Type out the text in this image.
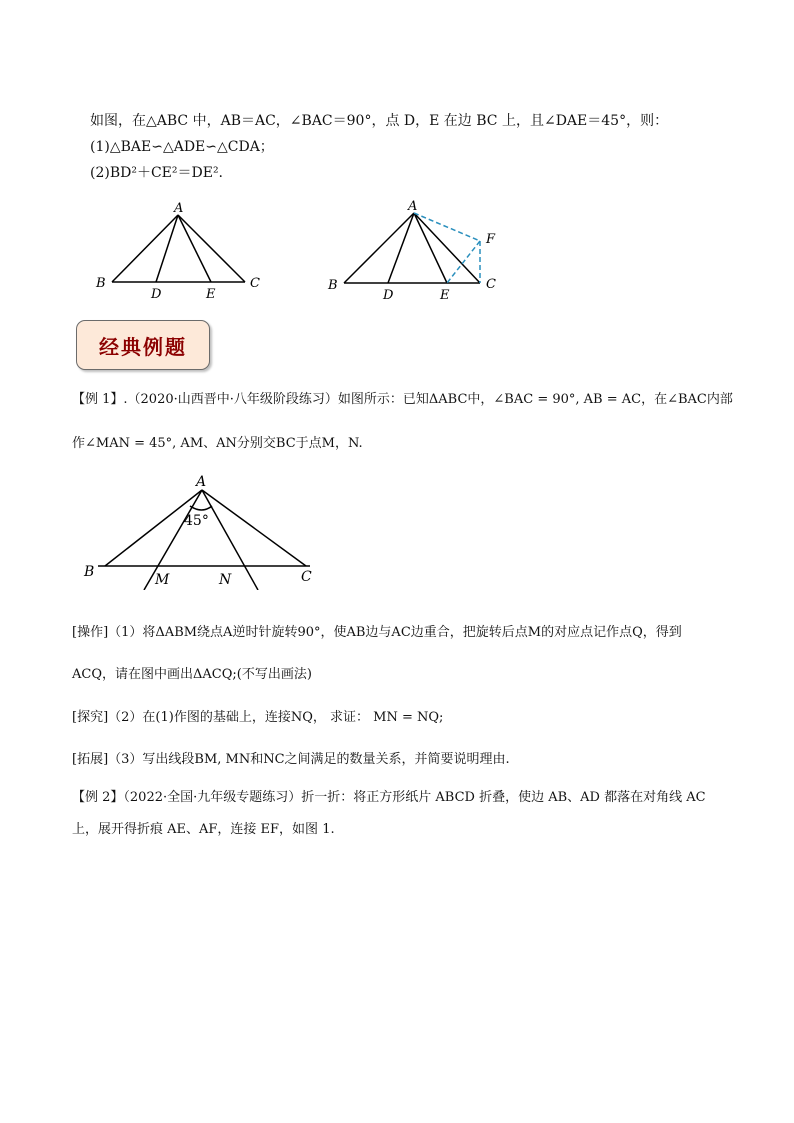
如图，在△ABC 中，AB＝AC，∠BAC＝90°，点 D，E 在边 BC 上，且∠DAE＝45°，则：
(1)△BAE∽△ADE∽△CDA；
(2)BD²＋CE²＝DE².
A
B	C
D	E
A
B	C
D	E
F
经典例题
【例 1】.（2020·山西晋中·八年级阶段练习）如图所示：已知ΔABC中，∠BAC = 90°, AB = AC，在∠BAC内部
作∠MAN = 45°, AM、AN分别交BC于点M，N.
A
B	C
M	N
45°
[操作]（1）将ΔABM绕点A逆时针旋转90°，使AB边与AC边重合，把旋转后点M的对应点记作点Q，得到
ACQ，请在图中画出ΔACQ;(不写出画法)
[探究]（2）在(1)作图的基础上，连接NQ， 求证： MN = NQ;
[拓展]（3）写出线段BM, MN和NC之间满足的数量关系，并简要说明理由.
【例 2】（2022·全国·九年级专题练习）折一折：将正方形纸片 ABCD 折叠，使边 AB、AD 都落在对角线 AC
上，展开得折痕 AE、AF，连接 EF，如图 1.
